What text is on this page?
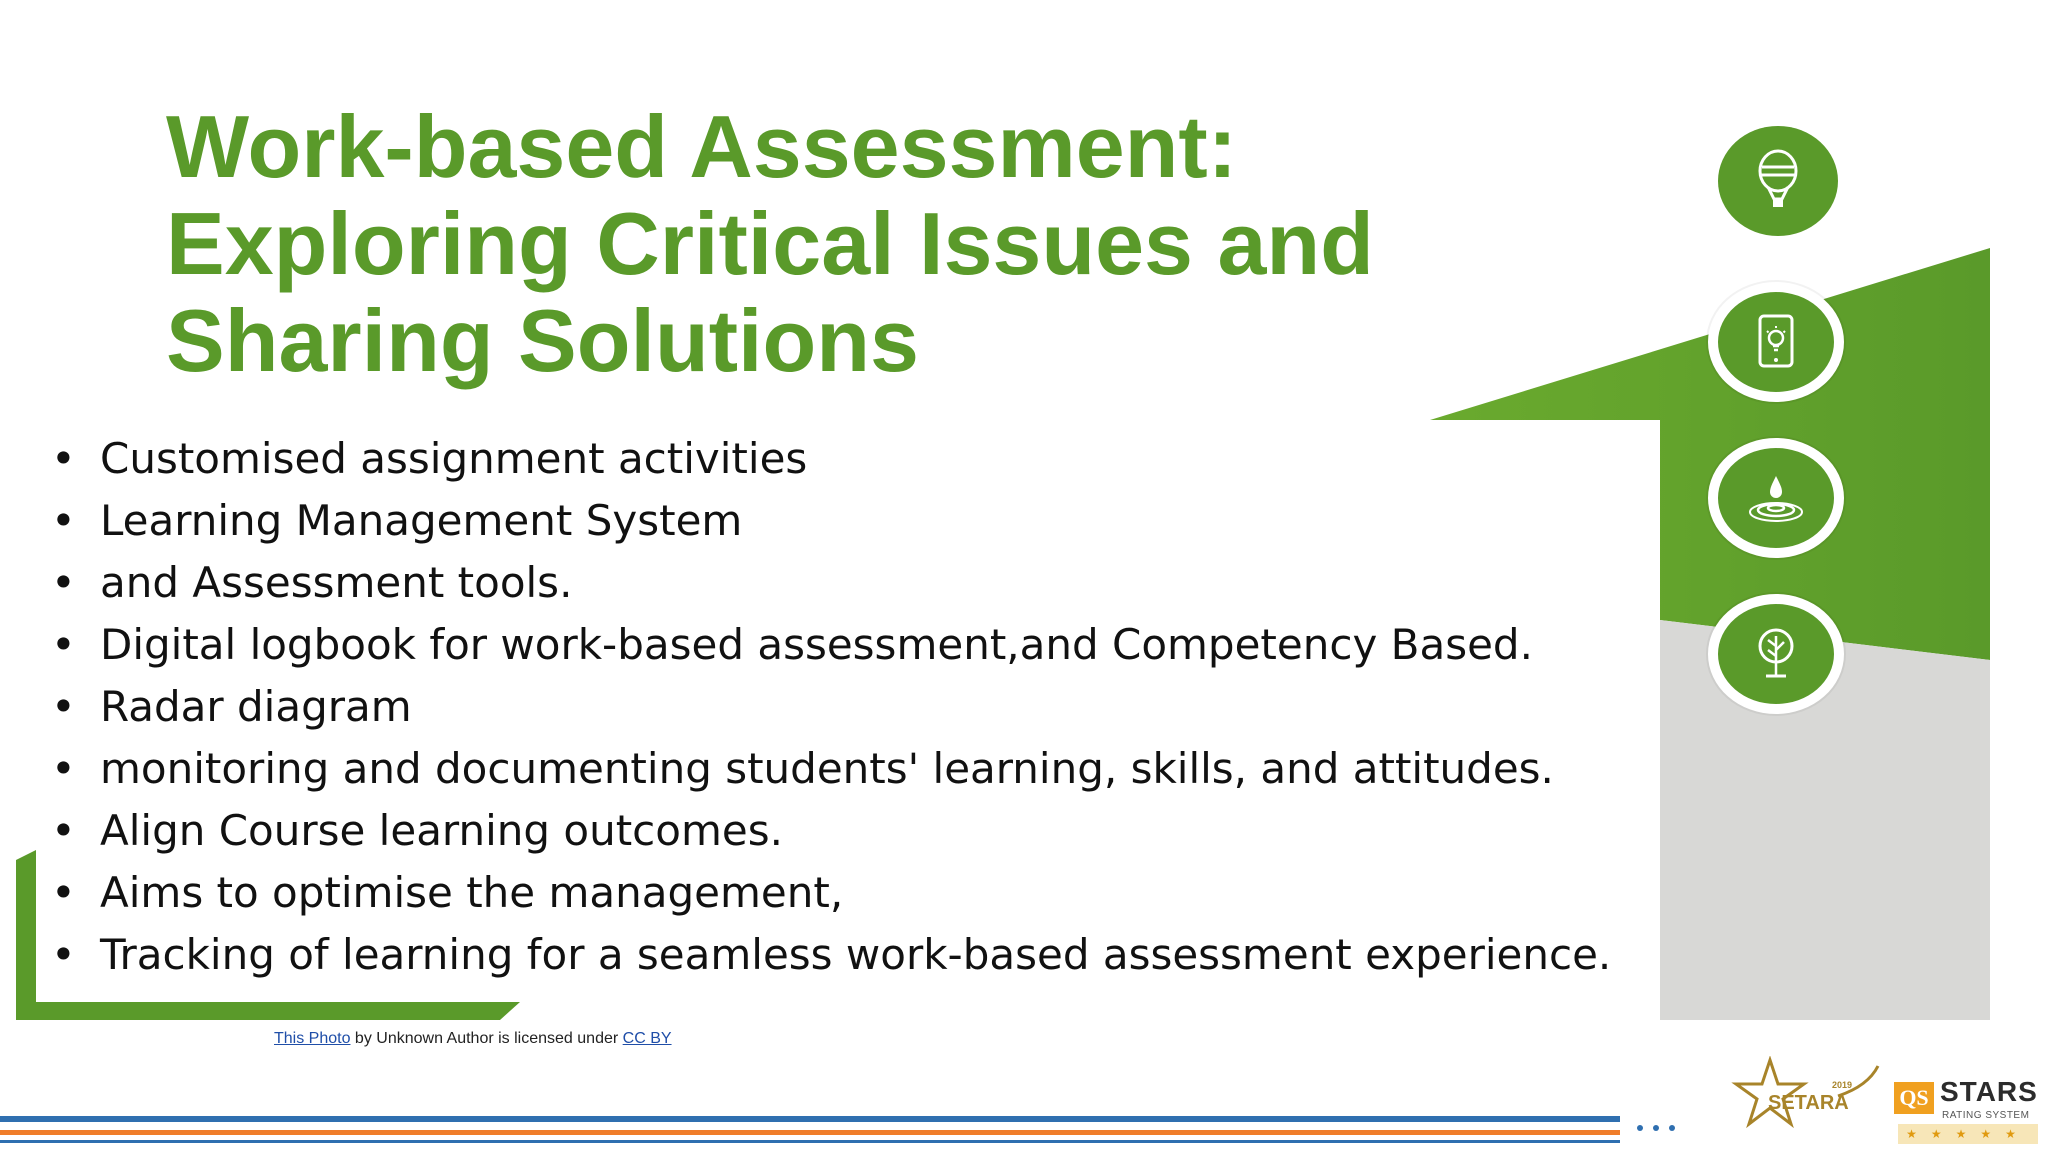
Work-based Assessment:
Exploring Critical Issues and
Sharing Solutions
• Customised assignment activities
• Learning Management System
• and Assessment tools.
• Digital logbook for work-based assessment,and Competency Based.
• Radar diagram
• monitoring and documenting students' learning, skills, and attitudes.
• Align Course learning outcomes.
• Aims to optimise the management,
• Tracking of learning for a seamless work-based assessment experience.
This Photo by Unknown Author is licensed under CC BY
2019
SETARA QS STARS
RATING SYSTEM
★★★★★
